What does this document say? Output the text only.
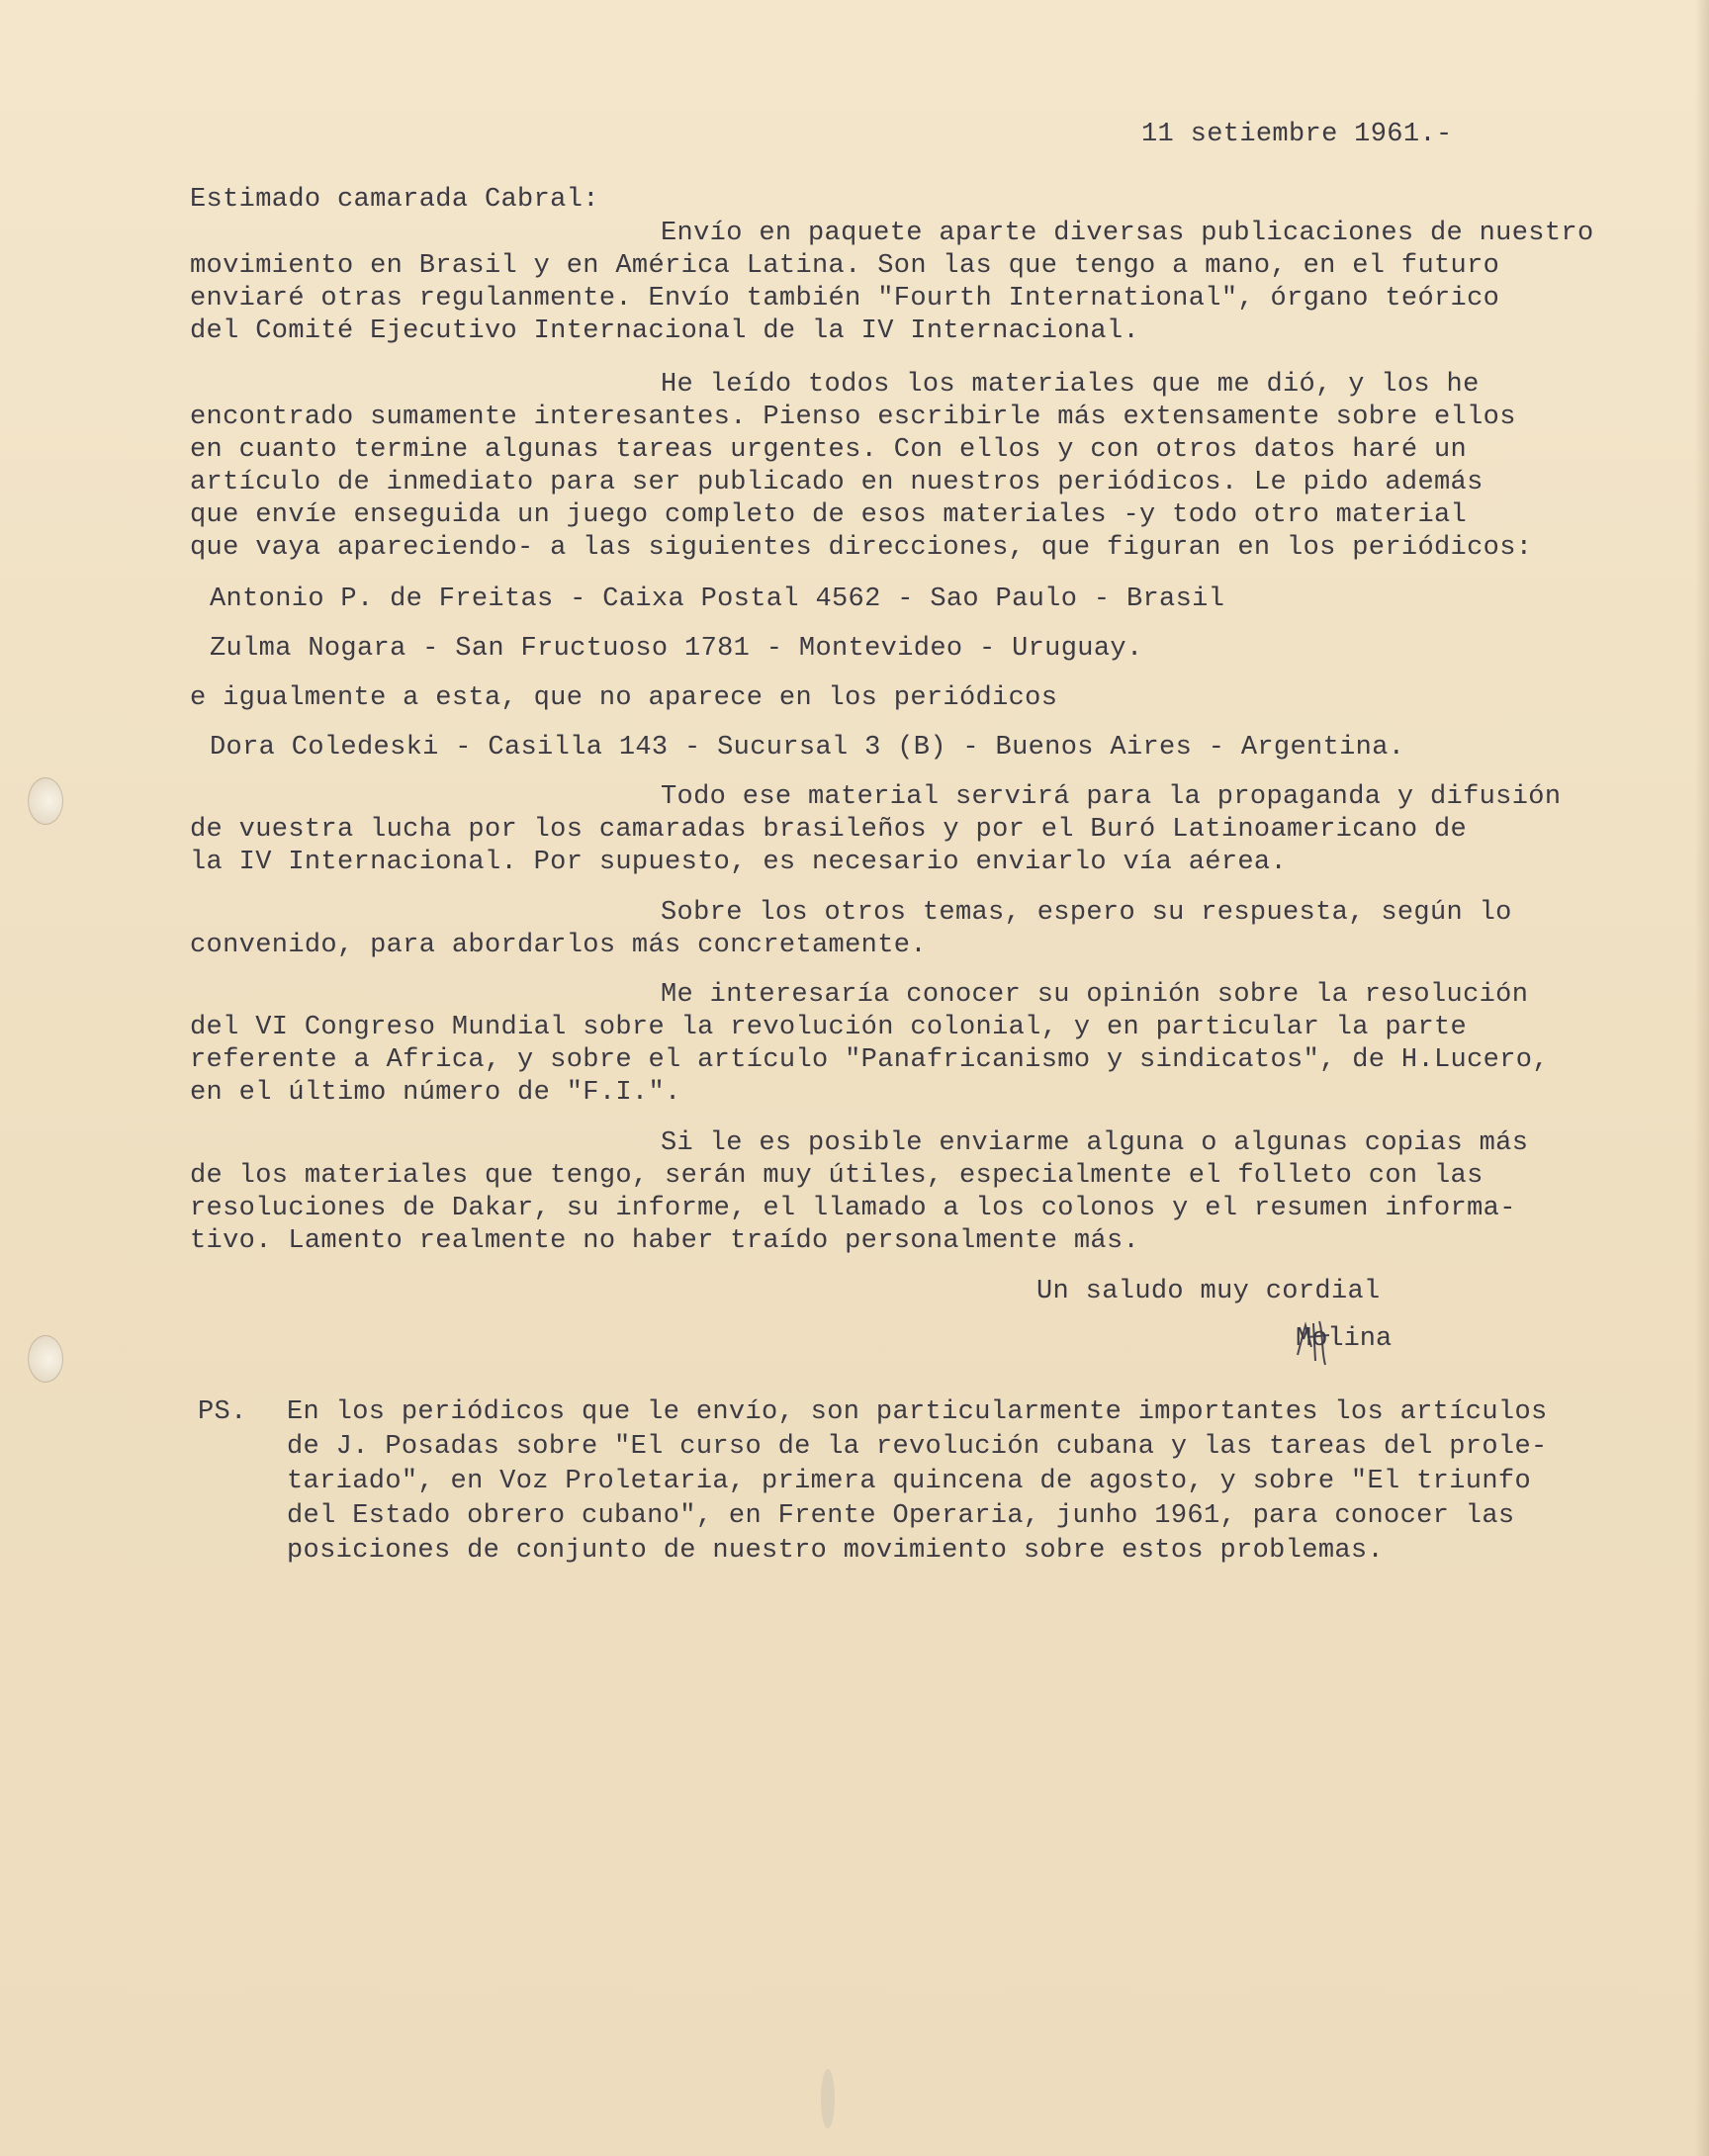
11 setiembre 1961.-

Estimado camarada Cabral:

Envío en paquete aparte diversas publicaciones de nuestro

movimiento en Brasil y en América Latina. Son las que tengo a mano, en el futuro

enviaré otras regulanmente. Envío también "Fourth International", órgano teórico

del Comité Ejecutivo Internacional de la IV Internacional.

He leído todos los materiales que me dió, y los he

encontrado sumamente interesantes. Pienso escribirle más extensamente sobre ellos

en cuanto termine algunas tareas urgentes. Con ellos y con otros datos haré un

artículo de inmediato para ser publicado en nuestros periódicos. Le pido además

que envíe enseguida un juego completo de esos materiales -y todo otro material

que vaya apareciendo- a las siguientes direcciones, que figuran en los periódicos:

Antonio P. de Freitas - Caixa Postal 4562 - Sao Paulo - Brasil

Zulma Nogara - San Fructuoso 1781 - Montevideo - Uruguay.

e igualmente a esta, que no aparece en los periódicos

Dora Coledeski - Casilla 143 - Sucursal 3 (B) - Buenos Aires - Argentina.

Todo ese material servirá para la propaganda y difusión

de vuestra lucha por los camaradas brasileños y por el Buró Latinoamericano de

la IV Internacional. Por supuesto, es necesario enviarlo vía aérea.

Sobre los otros temas, espero su respuesta, según lo

convenido, para abordarlos más concretamente.

Me interesaría conocer su opinión sobre la resolución

del VI Congreso Mundial sobre la revolución colonial, y en particular la parte

referente a Africa, y sobre el artículo "Panafricanismo y sindicatos", de H.Lucero,

en el último número de "F.I.".

Si le es posible enviarme alguna o algunas copias más

de los materiales que tengo, serán muy útiles, especialmente el folleto con las

resoluciones de Dakar, su informe, el llamado a los colonos y el resumen informa-

tivo. Lamento realmente no haber traído personalmente más.

Un saludo muy cordial

Molina

PS. En los periódicos que le envío, son particularmente importantes los artículos

de J. Posadas sobre "El curso de la revolución cubana y las tareas del prole-

tariado", en Voz Proletaria, primera quincena de agosto, y sobre "El triunfo

del Estado obrero cubano", en Frente Operaria, junho 1961, para conocer las

posiciones de conjunto de nuestro movimiento sobre estos problemas.
